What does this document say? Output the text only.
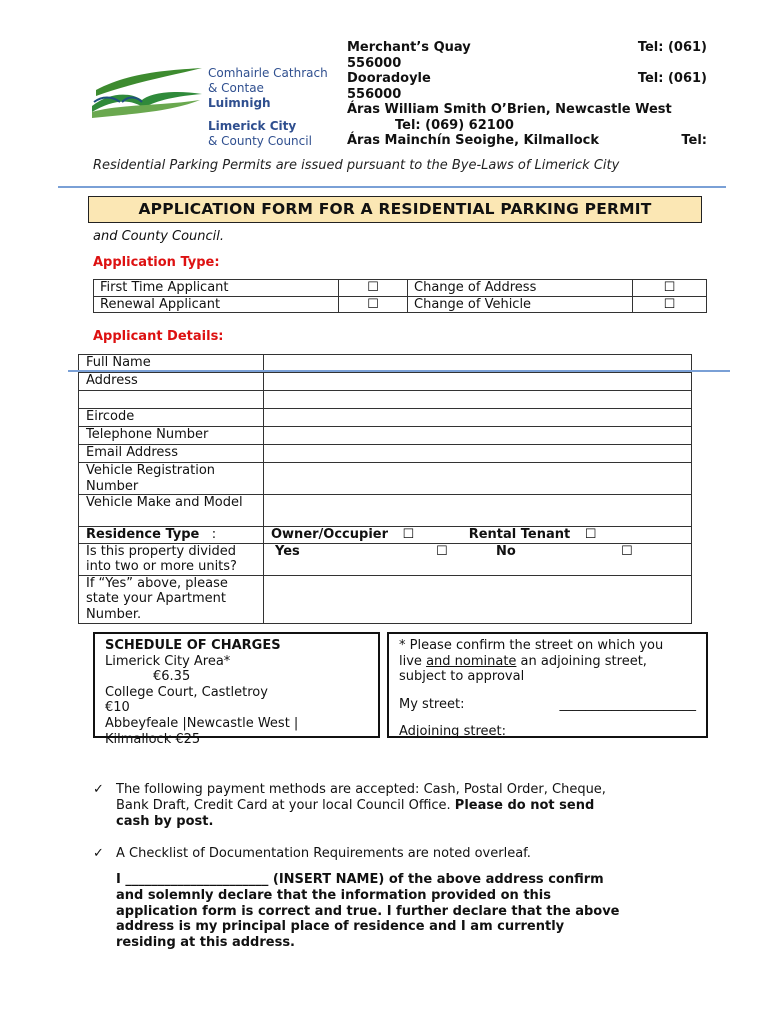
Comhairle Cathrach
& Contae Luimnigh
Limerick City
& County Council
Merchant’s Quay	Tel: (061)
556000
Dooradoyle	Tel: (061)
556000
Áras William Smith O’Brien, Newcastle West
Tel: (069) 62100
Áras Mainchín Seoighe, Kilmallock	Tel:
Residential Parking Permits are issued pursuant to the Bye-Laws of Limerick City
APPLICATION FORM FOR A RESIDENTIAL PARKING PERMIT
and County Council.
Application Type:
First Time Applicant	☐	Change of Address	☐
Renewal Applicant	☐	Change of Vehicle	☐
Applicant Details:
Full Name	
Address	

Eircode	
Telephone Number	
Email Address	
Vehicle Registration Number	
Vehicle Make and Model	
Residence Type :	Owner/Occupier ☐ Rental Tenant ☐
Is this property divided into two or more units?	Yes ☐ No ☐

If “Yes” above, please state your Apartment Number.	
SCHEDULE OF CHARGES
Limerick City Area*
€6.35
College Court, Castletroy
€10
Abbeyfeale |Newcastle West |
Kilmallock €25
* Please confirm the street on which you
live and nominate an adjoining street,
subject to approval
My street:	_____________________
Adjoining street:
✓ The following payment methods are accepted: Cash, Postal Order, Cheque,
Bank Draft, Credit Card at your local Council Office. Please do not send
cash by post.
✓ A Checklist of Documentation Requirements are noted overleaf.
I ______________________ (INSERT NAME) of the above address confirm
and solemnly declare that the information provided on this
application form is correct and true. I further declare that the above
address is my principal place of residence and I am currently
residing at this address.
